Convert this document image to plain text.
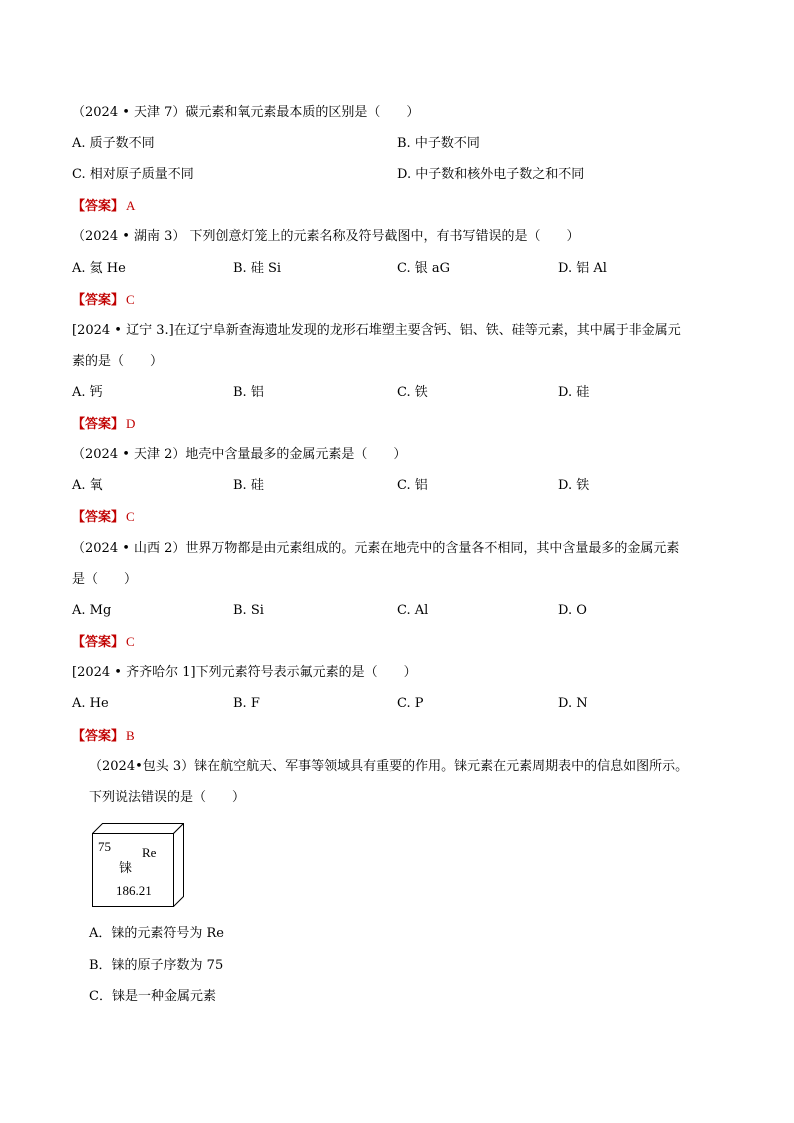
（2024 • 天津 7）碳元素和氧元素最本质的区别是（　　）
A. 质子数不同	B. 中子数不同
C. 相对原子质量不同	D. 中子数和核外电子数之和不同
【答案】 A
（2024 • 湖南 3） 下列创意灯笼上的元素名称及符号截图中，有书写错误的是（　　）
A. 氦 He	B. 硅 Si	C. 银 aG	D. 铝 Al
【答案】 C
[2024 • 辽宁 3.]在辽宁阜新查海遗址发现的龙形石堆塑主要含钙、铝、铁、硅等元素，其中属于非金属元
素的是（　　）
A. 钙	B. 铝	C. 铁	D. 硅
【答案】 D
（2024 • 天津 2）地壳中含量最多的金属元素是（　　）
A. 氧	B. 硅	C. 铝	D. 铁
【答案】 C
（2024 • 山西 2）世界万物都是由元素组成的。元素在地壳中的含量各不相同，其中含量最多的金属元素
是（　　）
A. Mg	B. Si	C. Al	D. O
【答案】 C
[2024 • 齐齐哈尔 1]下列元素符号表示氟元素的是（　　）
A. He	B. F	C. P	D. N
【答案】 B
（2024•包头 3）铼在航空航天、军事等领域具有重要的作用。铼元素在元素周期表中的信息如图所示。
下列说法错误的是（　　）
75 Re
铼
186.21
A．铼的元素符号为 Re
B．铼的原子序数为 75
C．铼是一种金属元素
